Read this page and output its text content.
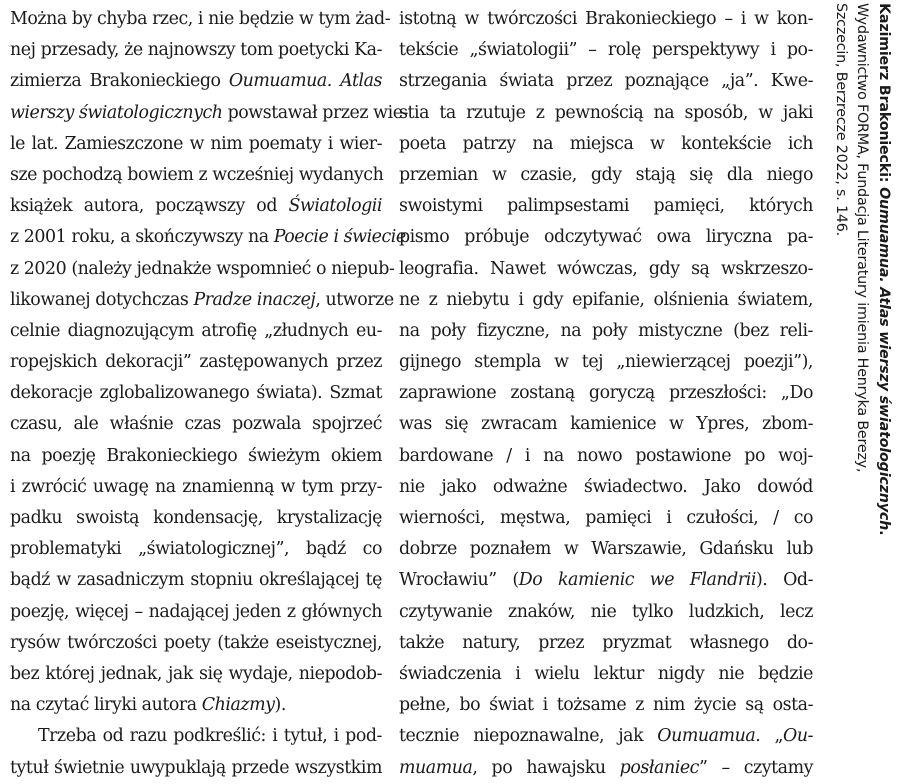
Można by chyba rzec, i nie będzie w tym żad-
nej przesady, że najnowszy tom poetycki Ka-
zimierza Brakonieckiego Oumuamua. Atlas
wierszy światologicznych powstawał przez wie-
le lat. Zamieszczone w nim poematy i wier-
sze pochodzą bowiem z wcześniej wydanych
książek autora, począwszy od Światologii
z 2001 roku, a skończywszy na Poecie i świecie
z 2020 (należy jednakże wspomnieć o niepub-
likowanej dotychczas Pradze inaczej, utworze
celnie diagnozującym atrofię „złudnych eu-
ropejskich dekoracji” zastępowanych przez
dekoracje zglobalizowanego świata). Szmat
czasu, ale właśnie czas pozwala spojrzeć
na poezję Brakonieckiego świeżym okiem
i zwrócić uwagę na znamienną w tym przy-
padku swoistą kondensację, krystalizację
problematyki „światologicznej”, bądź co
bądź w zasadniczym stopniu określającej tę
poezję, więcej – nadającej jeden z głównych
rysów twórczości poety (także eseistycznej,
bez której jednak, jak się wydaje, niepodob-
na czytać liryki autora Chiazmy).
Trzeba od razu podkreślić: i tytuł, i pod-
tytuł świetnie uwypuklają przede wszystkim
istotną w twórczości Brakonieckiego – i w kon-
tekście „światologii” – rolę perspektywy i po-
strzegania świata przez poznające „ja”. Kwe-
stia ta rzutuje z pewnością na sposób, w jaki
poeta patrzy na miejsca w kontekście ich
przemian w czasie, gdy stają się dla niego
swoistymi palimpsestami pamięci, których
pismo próbuje odczytywać owa liryczna pa-
leografia. Nawet wówczas, gdy są wskrzeszo-
ne z niebytu i gdy epifanie, olśnienia światem,
na poły fizyczne, na poły mistyczne (bez reli-
gijnego stempla w tej „niewierzącej poezji”),
zaprawione zostaną goryczą przeszłości: „Do
was się zwracam kamienice w Ypres, zbom-
bardowane / i na nowo postawione po woj-
nie jako odważne świadectwo. Jako dowód
wierności, męstwa, pamięci i czułości, / co
dobrze poznałem w Warszawie, Gdańsku lub
Wrocławiu” (Do kamienic we Flandrii). Od-
czytywanie znaków, nie tylko ludzkich, lecz
także natury, przez pryzmat własnego do-
świadczenia i wielu lektur nigdy nie będzie
pełne, bo świat i tożsame z nim życie są osta-
tecznie niepoznawalne, jak Oumuamua. „Ou-
muamua, po hawajsku posłaniec” – czytamy
Kazimierz Brakoniecki: Oumuamua. Atlas wierszy światologicznych.
Wydawnictwo FORMA, Fundacja Literatury imienia Henryka Berezy,
Szczecin, Berzrecze 2022, s. 146.
